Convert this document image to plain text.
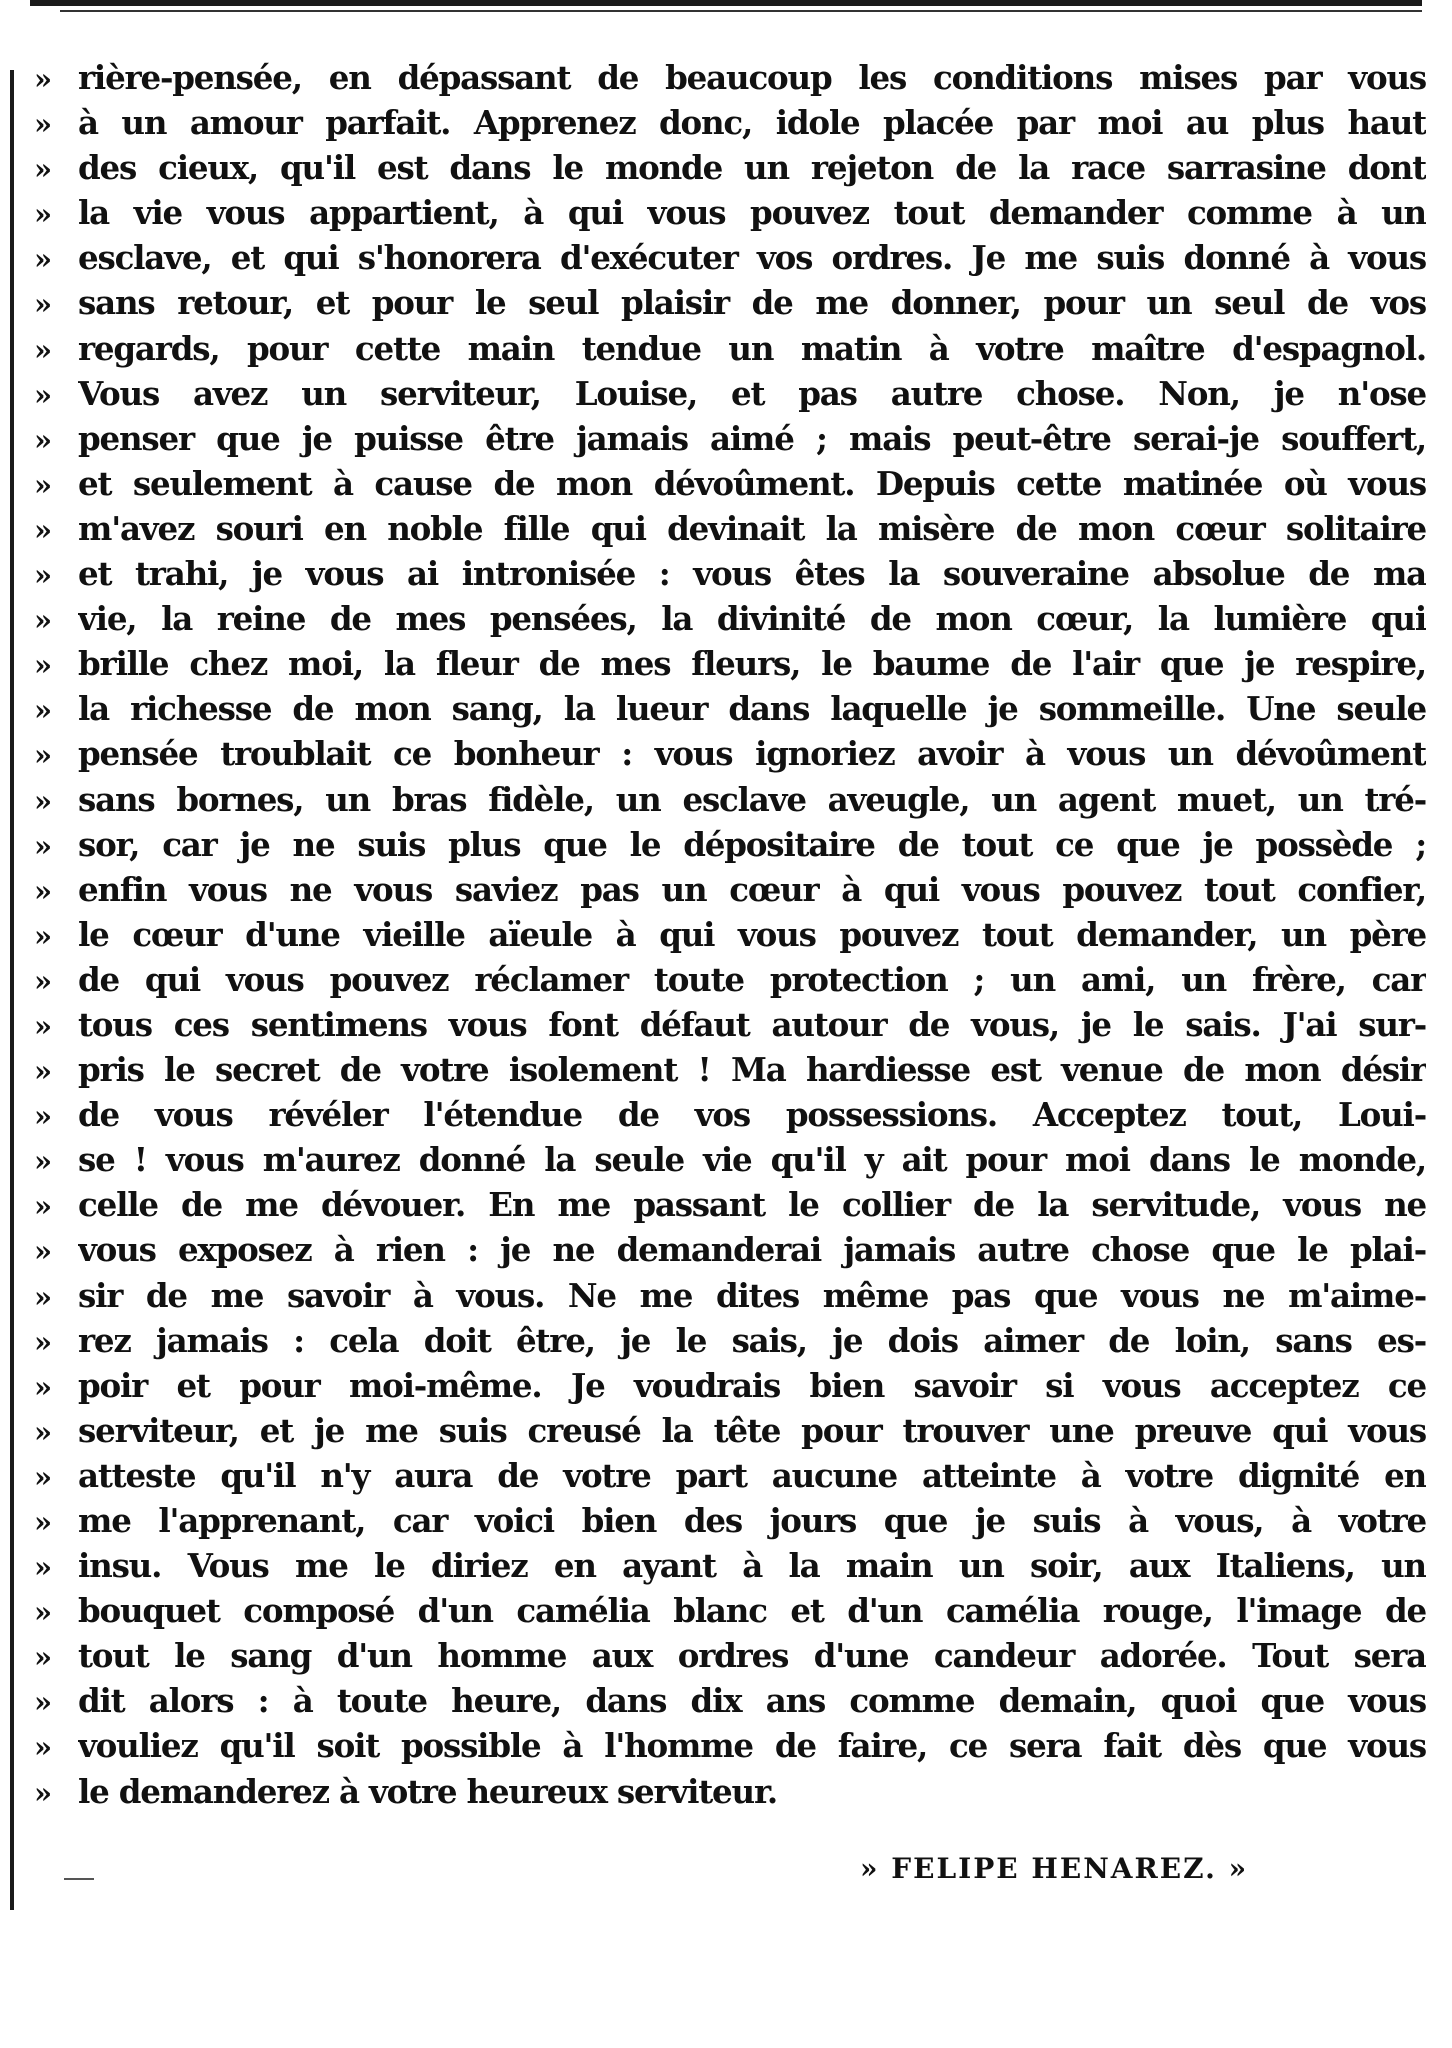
» rière-pensée, en dépassant de beaucoup les conditions mises par vous
» à un amour parfait. Apprenez donc, idole placée par moi au plus haut
» des cieux, qu'il est dans le monde un rejeton de la race sarrasine dont
» la vie vous appartient, à qui vous pouvez tout demander comme à un
» esclave, et qui s'honorera d'exécuter vos ordres. Je me suis donné à vous
» sans retour, et pour le seul plaisir de me donner, pour un seul de vos
» regards, pour cette main tendue un matin à votre maître d'espagnol.
» Vous avez un serviteur, Louise, et pas autre chose. Non, je n'ose
» penser que je puisse être jamais aimé ; mais peut-être serai-je souffert,
» et seulement à cause de mon dévoûment. Depuis cette matinée où vous
» m'avez souri en noble fille qui devinait la misère de mon cœur solitaire
» et trahi, je vous ai intronisée : vous êtes la souveraine absolue de ma
» vie, la reine de mes pensées, la divinité de mon cœur, la lumière qui
» brille chez moi, la fleur de mes fleurs, le baume de l'air que je respire,
» la richesse de mon sang, la lueur dans laquelle je sommeille. Une seule
» pensée troublait ce bonheur : vous ignoriez avoir à vous un dévoûment
» sans bornes, un bras fidèle, un esclave aveugle, un agent muet, un tré-
» sor, car je ne suis plus que le dépositaire de tout ce que je possède ;
» enfin vous ne vous saviez pas un cœur à qui vous pouvez tout confier,
» le cœur d'une vieille aïeule à qui vous pouvez tout demander, un père
» de qui vous pouvez réclamer toute protection ; un ami, un frère, car
» tous ces sentimens vous font défaut autour de vous, je le sais. J'ai sur-
» pris le secret de votre isolement ! Ma hardiesse est venue de mon désir
» de vous révéler l'étendue de vos possessions. Acceptez tout, Loui-
» se ! vous m'aurez donné la seule vie qu'il y ait pour moi dans le monde,
» celle de me dévouer. En me passant le collier de la servitude, vous ne
» vous exposez à rien : je ne demanderai jamais autre chose que le plai-
» sir de me savoir à vous. Ne me dites même pas que vous ne m'aime-
» rez jamais : cela doit être, je le sais, je dois aimer de loin, sans es-
» poir et pour moi-même. Je voudrais bien savoir si vous acceptez ce
» serviteur, et je me suis creusé la tête pour trouver une preuve qui vous
» atteste qu'il n'y aura de votre part aucune atteinte à votre dignité en
» me l'apprenant, car voici bien des jours que je suis à vous, à votre
» insu. Vous me le diriez en ayant à la main un soir, aux Italiens, un
» bouquet composé d'un camélia blanc et d'un camélia rouge, l'image de
» tout le sang d'un homme aux ordres d'une candeur adorée. Tout sera
» dit alors : à toute heure, dans dix ans comme demain, quoi que vous
» vouliez qu'il soit possible à l'homme de faire, ce sera fait dès que vous
» le demanderez à votre heureux serviteur.
» FELIPE HENAREZ. »
